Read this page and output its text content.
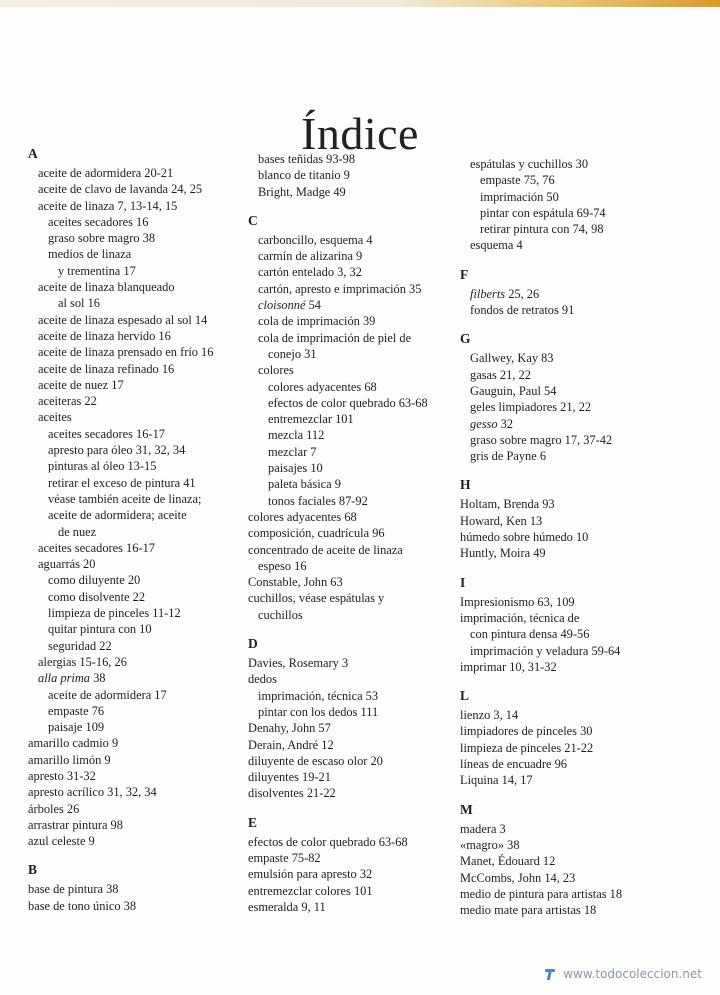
Índice
A
aceite de adormidera 20-21
aceite de clavo de lavanda 24, 25
aceite de linaza 7, 13-14, 15
aceites secadores 16
graso sobre magro 38
medios de linaza
y trementina 17
aceite de linaza blanqueado
al sol 16
aceite de linaza espesado al sol 14
aceite de linaza hervido 16
aceite de linaza prensado en frío 16
aceite de linaza refinado 16
aceite de nuez 17
aceiteras 22
aceites
aceites secadores 16-17
apresto para óleo 31, 32, 34
pinturas al óleo 13-15
retirar el exceso de pintura 41
véase también aceite de linaza;
aceite de adormidera; aceite
de nuez
aceites secadores 16-17
aguarrás 20
como diluyente 20
como disolvente 22
limpieza de pinceles 11-12
quitar pintura con 10
seguridad 22
alergias 15-16, 26
alla prima 38
aceite de adormidera 17
empaste 76
paisaje 109
amarillo cadmio 9
amarillo limón 9
apresto 31-32
apresto acrílico 31, 32, 34
árboles 26
arrastrar pintura 98
azul celeste 9
B
base de pintura 38
base de tono único 38
bases teñidas 93-98
blanco de titanio 9
Bright, Madge 49
C
carboncillo, esquema 4
carmín de alizarina 9
cartón entelado 3, 32
cartón, apresto e imprimación 35
cloisonné 54
cola de imprimación 39
cola de imprimación de piel de
conejo 31
colores
colores adyacentes 68
efectos de color quebrado 63-68
entremezclar 101
mezcla 112
mezclar 7
paisajes 10
paleta básica 9
tonos faciales 87-92
colores adyacentes 68
composición, cuadrícula 96
concentrado de aceite de linaza
espeso 16
Constable, John 63
cuchillos, véase espátulas y
cuchillos
D
Davies, Rosemary 3
dedos
imprimación, técnica 53
pintar con los dedos 111
Denahy, John 57
Derain, André 12
diluyente de escaso olor 20
diluyentes 19-21
disolventes 21-22
E
efectos de color quebrado 63-68
empaste 75-82
emulsión para apresto 32
entremezclar colores 101
esmeralda 9, 11
espátulas y cuchillos 30
empaste 75, 76
imprimación 50
pintar con espátula 69-74
retirar pintura con 74, 98
esquema 4
F
filberts 25, 26
fondos de retratos 91
G
Gallwey, Kay 83
gasas 21, 22
Gauguin, Paul 54
geles limpiadores 21, 22
gesso 32
graso sobre magro 17, 37-42
gris de Payne 6
H
Holtam, Brenda 93
Howard, Ken 13
húmedo sobre húmedo 10
Huntly, Moira 49
I
Impresionismo 63, 109
imprimación, técnica de
con pintura densa 49-56
imprimación y veladura 59-64
imprimar 10, 31-32
L
lienzo 3, 14
limpiadores de pinceles 30
limpieza de pinceles 21-22
líneas de encuadre 96
Liquina 14, 17
M
madera 3
«magro» 38
Manet, Édouard 12
McCombs, John 14, 23
medio de pintura para artistas 18
medio mate para artistas 18
www.todocoleccion.net
